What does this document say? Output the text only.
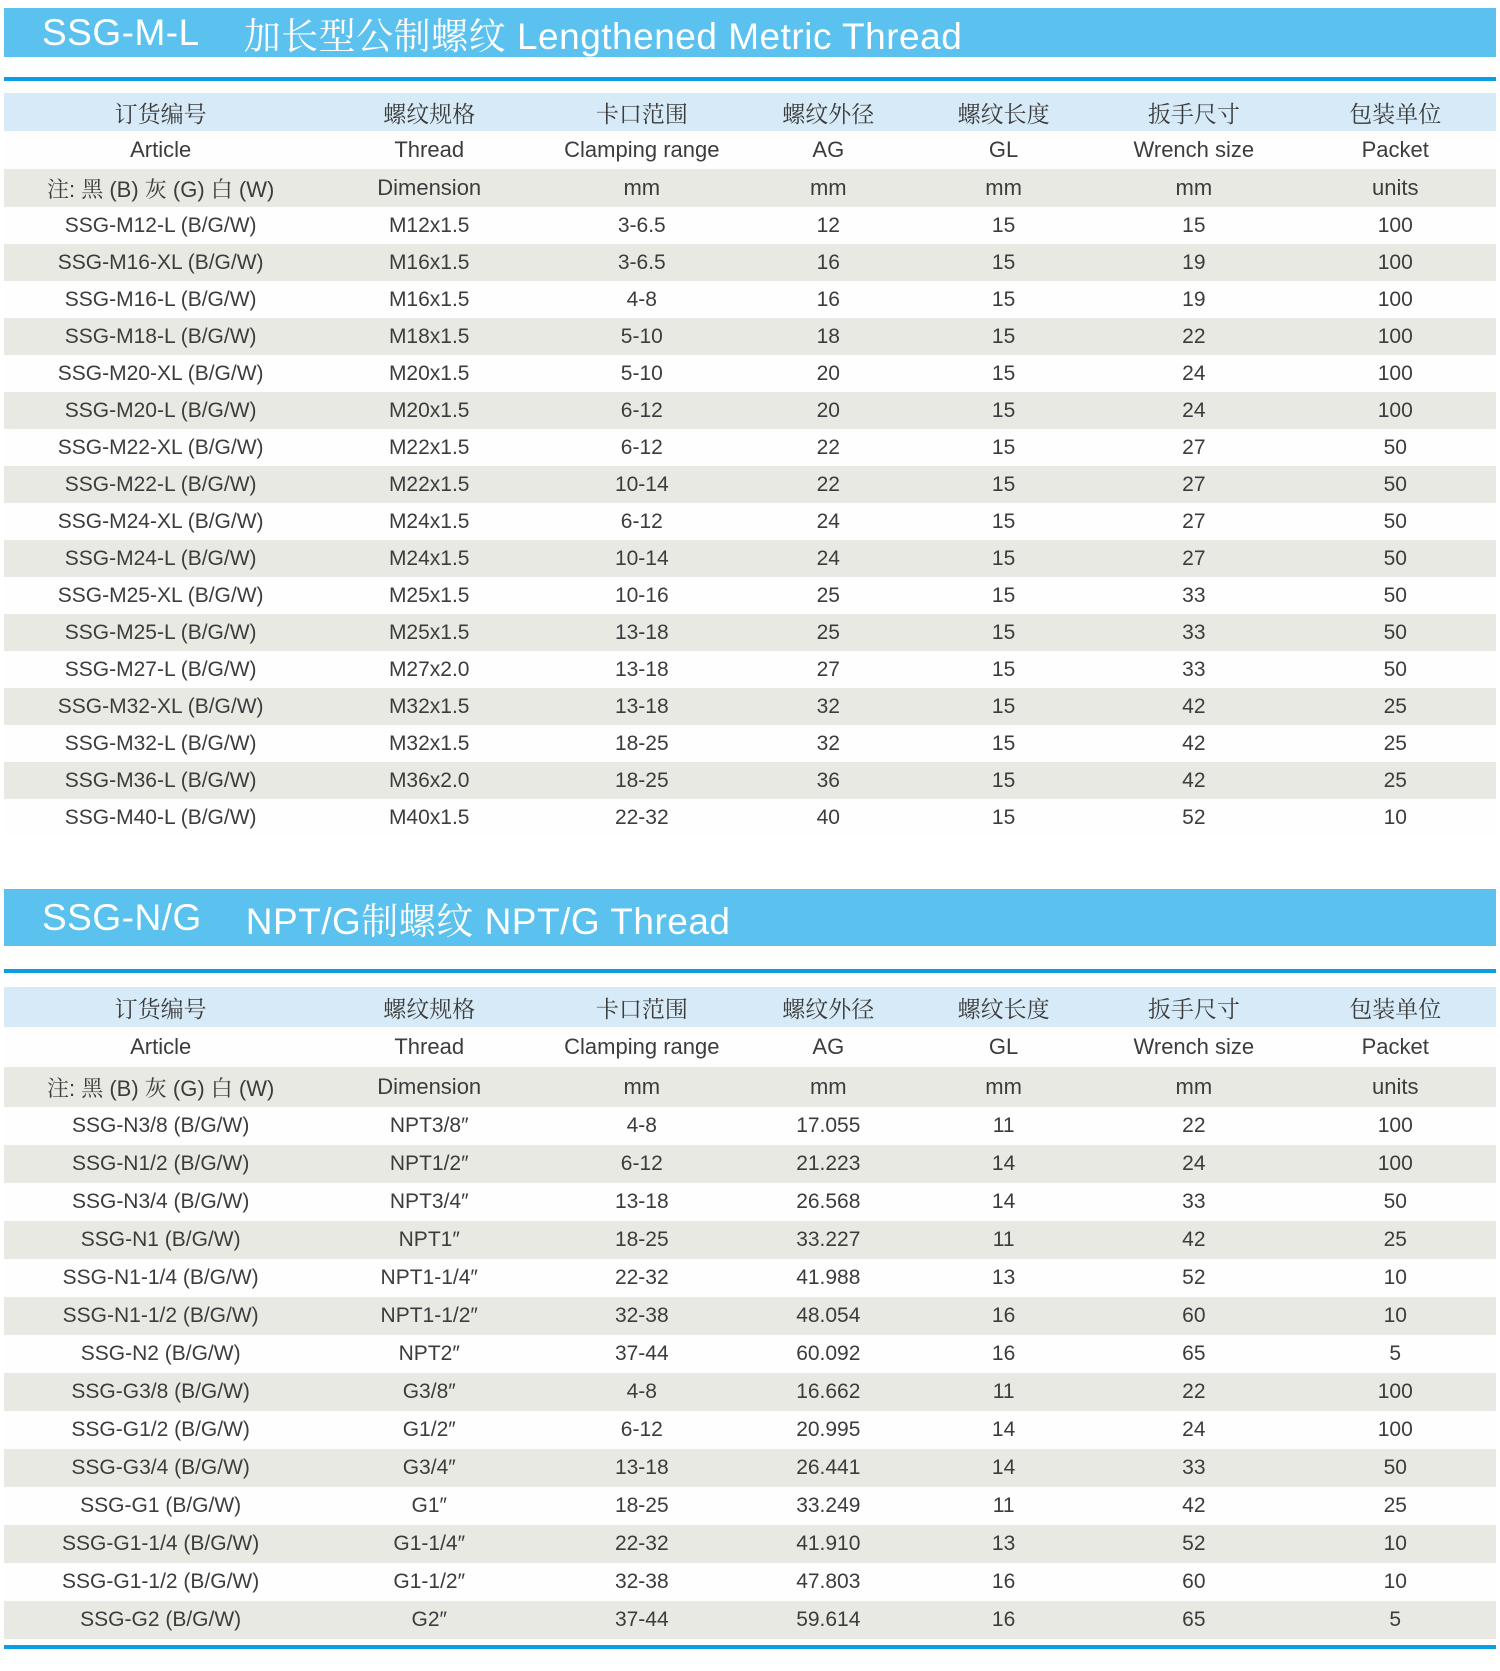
SSG-M-L 加长型公制螺纹 Lengthened Metric Thread
订货编号	螺纹规格	卡口范围	螺纹外径	螺纹长度	扳手尺寸	包装单位
Article	Thread	Clamping range	AG	GL	Wrench size	Packet
注: 黑 (B) 灰 (G) 白 (W)	Dimension	mm	mm	mm	mm	units
SSG-M12-L (B/G/W)	M12x1.5	3-6.5	12	15	15	100
SSG-M16-XL (B/G/W)	M16x1.5	3-6.5	16	15	19	100
SSG-M16-L (B/G/W)	M16x1.5	4-8	16	15	19	100
SSG-M18-L (B/G/W)	M18x1.5	5-10	18	15	22	100
SSG-M20-XL (B/G/W)	M20x1.5	5-10	20	15	24	100
SSG-M20-L (B/G/W)	M20x1.5	6-12	20	15	24	100
SSG-M22-XL (B/G/W)	M22x1.5	6-12	22	15	27	50
SSG-M22-L (B/G/W)	M22x1.5	10-14	22	15	27	50
SSG-M24-XL (B/G/W)	M24x1.5	6-12	24	15	27	50
SSG-M24-L (B/G/W)	M24x1.5	10-14	24	15	27	50
SSG-M25-XL (B/G/W)	M25x1.5	10-16	25	15	33	50
SSG-M25-L (B/G/W)	M25x1.5	13-18	25	15	33	50
SSG-M27-L (B/G/W)	M27x2.0	13-18	27	15	33	50
SSG-M32-XL (B/G/W)	M32x1.5	13-18	32	15	42	25
SSG-M32-L (B/G/W)	M32x1.5	18-25	32	15	42	25
SSG-M36-L (B/G/W)	M36x2.0	18-25	36	15	42	25
SSG-M40-L (B/G/W)	M40x1.5	22-32	40	15	52	10
SSG-N/G NPT/G制螺纹 NPT/G Thread
订货编号	螺纹规格	卡口范围	螺纹外径	螺纹长度	扳手尺寸	包装单位
Article	Thread	Clamping range	AG	GL	Wrench size	Packet
注: 黑 (B) 灰 (G) 白 (W)	Dimension	mm	mm	mm	mm	units
SSG-N3/8 (B/G/W)	NPT3/8″	4-8	17.055	11	22	100
SSG-N1/2 (B/G/W)	NPT1/2″	6-12	21.223	14	24	100
SSG-N3/4 (B/G/W)	NPT3/4″	13-18	26.568	14	33	50
SSG-N1 (B/G/W)	NPT1″	18-25	33.227	11	42	25
SSG-N1-1/4 (B/G/W)	NPT1-1/4″	22-32	41.988	13	52	10
SSG-N1-1/2 (B/G/W)	NPT1-1/2″	32-38	48.054	16	60	10
SSG-N2 (B/G/W)	NPT2″	37-44	60.092	16	65	5
SSG-G3/8 (B/G/W)	G3/8″	4-8	16.662	11	22	100
SSG-G1/2 (B/G/W)	G1/2″	6-12	20.995	14	24	100
SSG-G3/4 (B/G/W)	G3/4″	13-18	26.441	14	33	50
SSG-G1 (B/G/W)	G1″	18-25	33.249	11	42	25
SSG-G1-1/4 (B/G/W)	G1-1/4″	22-32	41.910	13	52	10
SSG-G1-1/2 (B/G/W)	G1-1/2″	32-38	47.803	16	60	10
SSG-G2 (B/G/W)	G2″	37-44	59.614	16	65	5
